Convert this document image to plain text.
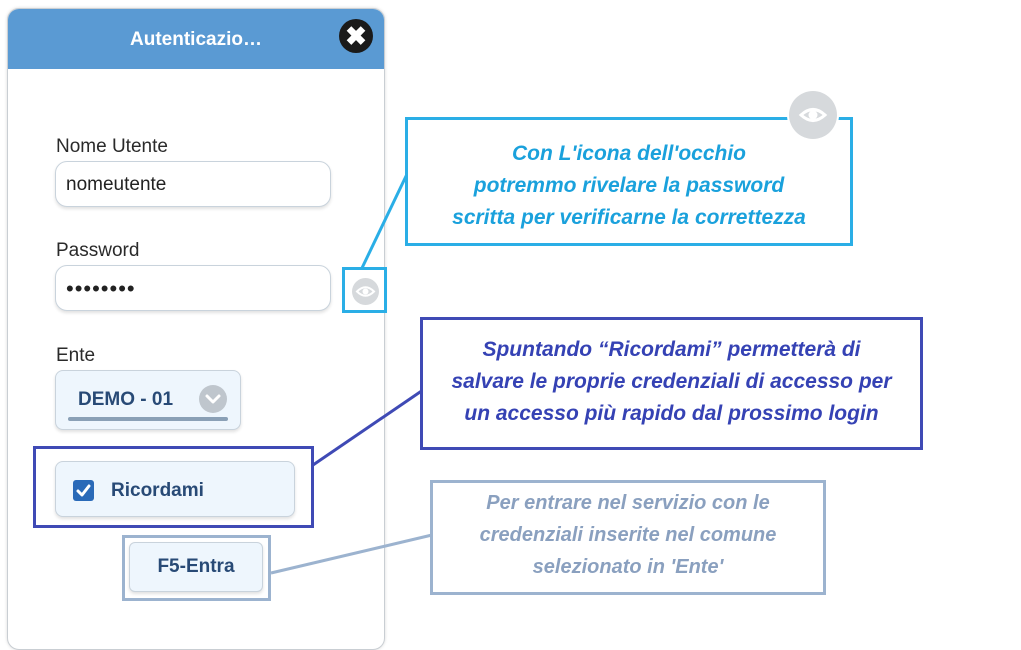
Autenticazio…	✖
Nome Utente
nomeutente
Password
••••••••
Ente
DEMO - 01
Ricordami
F5-Entra
Con L'icona dell'occhio
potremmo rivelare la password
scritta per verificarne la correttezza
Spuntando “Ricordami” permetterà di
salvare le proprie credenziali di accesso per
un accesso più rapido dal prossimo login
Per entrare nel servizio con le
credenziali inserite nel comune
selezionato in 'Ente'
